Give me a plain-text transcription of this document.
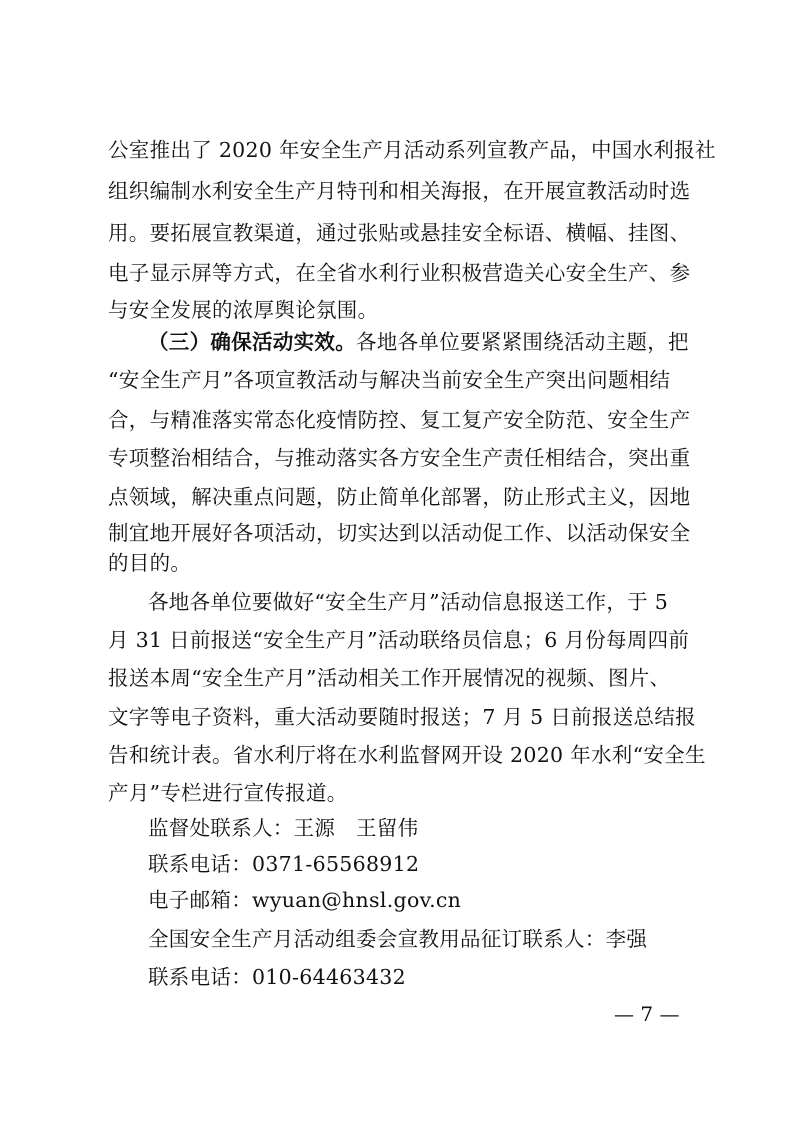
公室推出了 2020 年安全生产月活动系列宣教产品，中国水利报社
组织编制水利安全生产月特刊和相关海报，在开展宣教活动时选
用。要拓展宣教渠道，通过张贴或悬挂安全标语、横幅、挂图、
电子显示屏等方式，在全省水利行业积极营造关心安全生产、参
与安全发展的浓厚舆论氛围。
（三）确保活动实效。各地各单位要紧紧围绕活动主题，把
“安全生产月”各项宣教活动与解决当前安全生产突出问题相结
合，与精准落实常态化疫情防控、复工复产安全防范、安全生产
专项整治相结合，与推动落实各方安全生产责任相结合，突出重
点领域，解决重点问题，防止简单化部署，防止形式主义，因地
制宜地开展好各项活动，切实达到以活动促工作、以活动保安全
的目的。
各地各单位要做好“安全生产月”活动信息报送工作，于 5
月 31 日前报送“安全生产月”活动联络员信息；6 月份每周四前
报送本周“安全生产月”活动相关工作开展情况的视频、图片、
文字等电子资料，重大活动要随时报送；7 月 5 日前报送总结报
告和统计表。省水利厅将在水利监督网开设 2020 年水利“安全生
产月”专栏进行宣传报道。
监督处联系人：王源　王留伟
联系电话：0371-65568912
电子邮箱：wyuan@hnsl.gov.cn
全国安全生产月活动组委会宣教用品征订联系人：李强
联系电话：010-64463432
— 7 —
